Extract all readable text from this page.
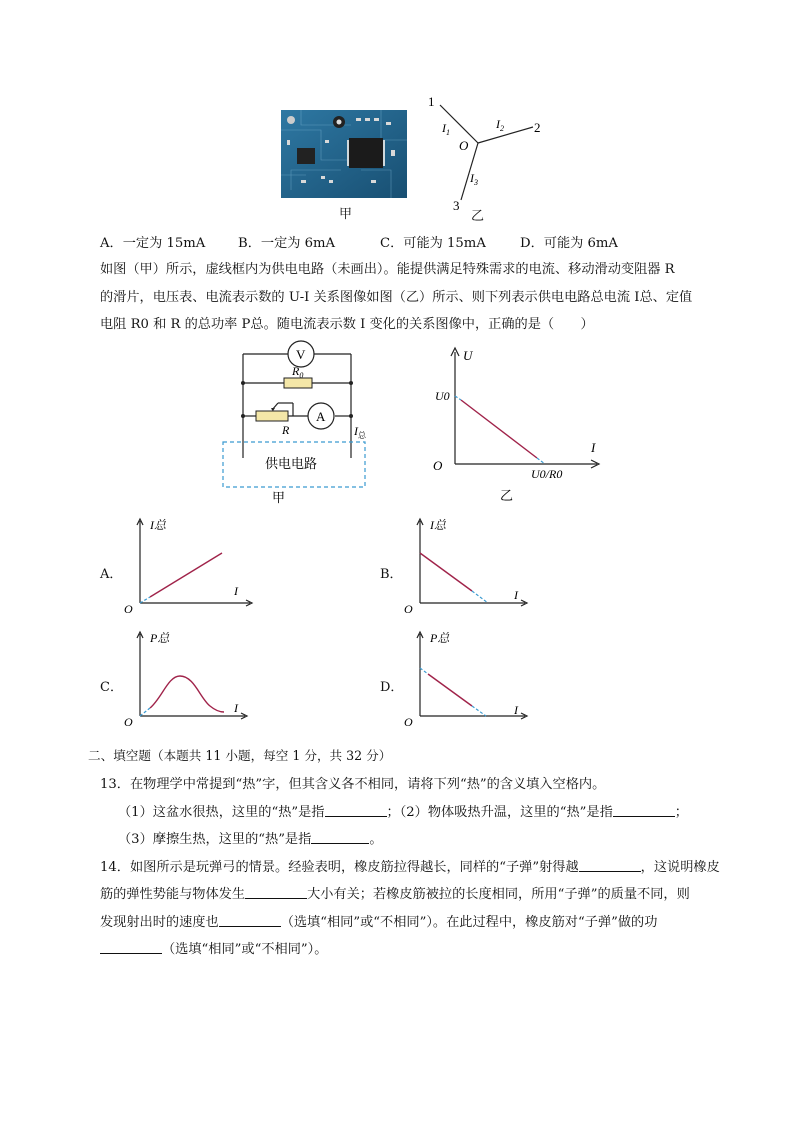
甲
1
2
3
O
$I_1$
$I_2$
$I_3$
乙
A．一定为 15mA B．一定为 6mA	C．可能为 15mA	D．可能为 6mA
如图（甲）所示，虚线框内为供电电路（未画出）。能提供满足特殊需求的电流、移动滑动变阻器 R
的滑片，电压表、电流表示数的 U-I 关系图像如图（乙）所示、则下列表示供电电路总电流 I总、定值
电阻 R0 和 R 的总功率 P总。随电流表示数 I 变化的关系图像中，正确的是（　　）
V
$R_0$
R
A
$I_总$
供电电路
甲
U
I
O
U0
U0/R0
乙
A．
I总
I
O
B．
I总
I
O
C．
P总
I
O
D．
P总
I
O
二、填空题（本题共 11 小题，每空 1 分，共 32 分）
13．在物理学中常提到“热”字，但其含义各不相同，请将下列“热”的含义填入空格内。
（1）这盆水很热，这里的“热”是指	；（2）物体吸热升温，这里的“热”是指	；
（3）摩擦生热，这里的“热”是指	。
14．如图所示是玩弹弓的情景。经验表明，橡皮筋拉得越长，同样的“子弹”射得越	，这说明橡皮
筋的弹性势能与物体发生	大小有关；若橡皮筋被拉的长度相同，所用“子弹”的质量不同，则
发现射出时的速度也	（选填“相同”或“不相同”）。在此过程中，橡皮筋对“子弹”做的功
（选填“相同”或“不相同”）。
